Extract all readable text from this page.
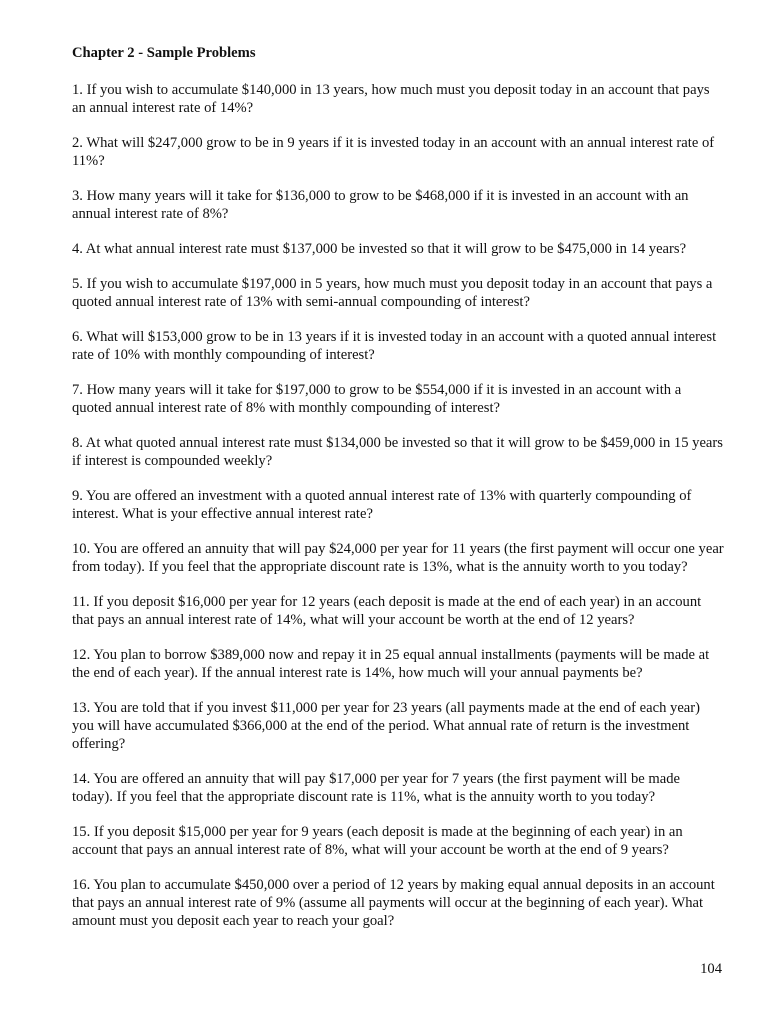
Chapter 2 - Sample Problems

1. If you wish to accumulate $140,000 in 13 years, how much must you deposit today in an account that pays an annual interest rate of 14%?

2. What will $247,000 grow to be in 9 years if it is invested today in an account with an annual interest rate of 11%?

3. How many years will it take for $136,000 to grow to be $468,000 if it is invested in an account with an annual interest rate of 8%?

4. At what annual interest rate must $137,000 be invested so that it will grow to be $475,000 in 14 years?

5. If you wish to accumulate $197,000 in 5 years, how much must you deposit today in an account that pays a quoted annual interest rate of 13% with semi-annual compounding of interest?

6. What will $153,000 grow to be in 13 years if it is invested today in an account with a quoted annual interest rate of 10% with monthly compounding of interest?

7. How many years will it take for $197,000 to grow to be $554,000 if it is invested in an account with a quoted annual interest rate of 8% with monthly compounding of interest?

8. At what quoted annual interest rate must $134,000 be invested so that it will grow to be $459,000 in 15 years if interest is compounded weekly?

9. You are offered an investment with a quoted annual interest rate of 13% with quarterly compounding of interest. What is your effective annual interest rate?

10. You are offered an annuity that will pay $24,000 per year for 11 years (the first payment will occur one year from today). If you feel that the appropriate discount rate is 13%, what is the annuity worth to you today?

11. If you deposit $16,000 per year for 12 years (each deposit is made at the end of each year) in an account that pays an annual interest rate of 14%, what will your account be worth at the end of 12 years?

12. You plan to borrow $389,000 now and repay it in 25 equal annual installments (payments will be made at the end of each year). If the annual interest rate is 14%, how much will your annual payments be?

13. You are told that if you invest $11,000 per year for 23 years (all payments made at the end of each year) you will have accumulated $366,000 at the end of the period. What annual rate of return is the investment offering?

14. You are offered an annuity that will pay $17,000 per year for 7 years (the first payment will be made today). If you feel that the appropriate discount rate is 11%, what is the annuity worth to you today?

15. If you deposit $15,000 per year for 9 years (each deposit is made at the beginning of each year) in an account that pays an annual interest rate of 8%, what will your account be worth at the end of 9 years?

16. You plan to accumulate $450,000 over a period of 12 years by making equal annual deposits in an account that pays an annual interest rate of 9% (assume all payments will occur at the beginning of each year). What amount must you deposit each year to reach your goal?

104
